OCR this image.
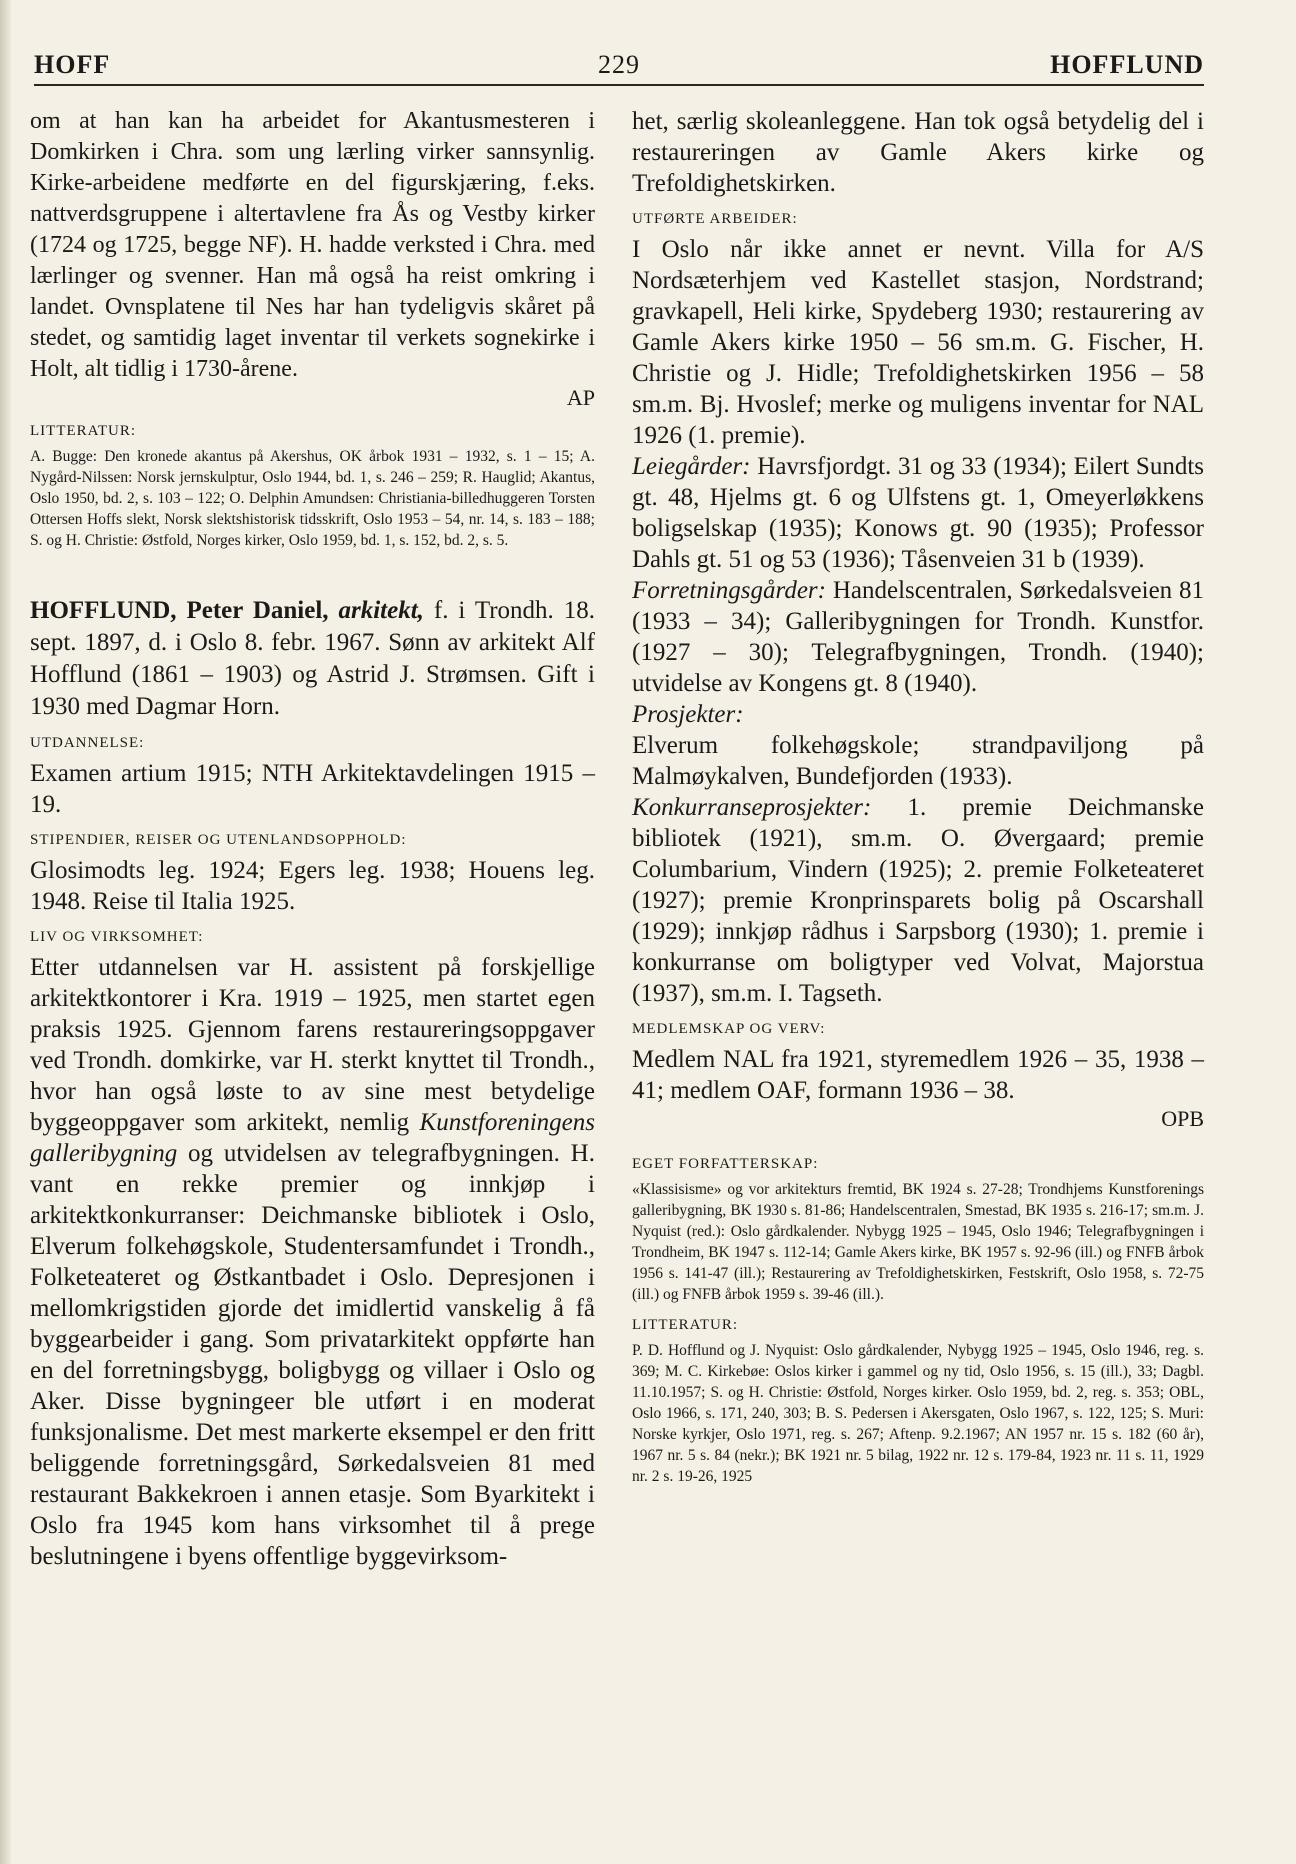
HOFF	229	HOFFLUND

om at han kan ha arbeidet for Akantusmesteren i Domkirken i Chra. som ung lærling virker sannsynlig. Kirke-arbeidene medførte en del figurskjæring, f.eks. nattverdsgruppene i altertavlene fra Ås og Vestby kirker (1724 og 1725, begge NF). H. hadde verksted i Chra. med lærlinger og svenner. Han må også ha reist omkring i landet. Ovnsplatene til Nes har han tydeligvis skåret på stedet, og samtidig laget inventar til verkets sognekirke i Holt, alt tidlig i 1730-årene.

AP

LITTERATUR:

A. Bugge: Den kronede akantus på Akershus, OK årbok 1931 – 1932, s. 1 – 15; A. Nygård-Nilssen: Norsk jernskulptur, Oslo 1944, bd. 1, s. 246 – 259; R. Hauglid; Akantus, Oslo 1950, bd. 2, s. 103 – 122; O. Delphin Amundsen: Christiania-billedhuggeren Torsten Ottersen Hoffs slekt, Norsk slektshistorisk tidsskrift, Oslo 1953 – 54, nr. 14, s. 183 – 188; S. og H. Christie: Østfold, Norges kirker, Oslo 1959, bd. 1, s. 152, bd. 2, s. 5.

HOFFLUND, Peter Daniel, arkitekt, f. i Trondh. 18. sept. 1897, d. i Oslo 8. febr. 1967. Sønn av arkitekt Alf Hofflund (1861 – 1903) og Astrid J. Strømsen. Gift i 1930 med Dagmar Horn.

UTDANNELSE:

Examen artium 1915; NTH Arkitektavdelingen 1915 – 19.

STIPENDIER, REISER OG UTENLANDSOPPHOLD:

Glosimodts leg. 1924; Egers leg. 1938; Houens leg. 1948. Reise til Italia 1925.

LIV OG VIRKSOMHET:

Etter utdannelsen var H. assistent på forskjellige arkitektkontorer i Kra. 1919 – 1925, men startet egen praksis 1925. Gjennom farens restaureringsoppgaver ved Trondh. domkirke, var H. sterkt knyttet til Trondh., hvor han også løste to av sine mest betydelige byggeoppgaver som arkitekt, nemlig Kunstforeningens galleribygning og utvidelsen av telegrafbygningen. H. vant en rekke premier og innkjøp i arkitektkonkurranser: Deichmanske bibliotek i Oslo, Elverum folkehøgskole, Studentersamfundet i Trondh., Folketeateret og Østkantbadet i Oslo. Depresjonen i mellomkrigstiden gjorde det imidlertid vanskelig å få byggearbeider i gang. Som privatarkitekt oppførte han en del forretningsbygg, boligbygg og villaer i Oslo og Aker. Disse bygningeer ble utført i en moderat funksjonalisme. Det mest markerte eksempel er den fritt beliggende forretningsgård, Sørkedalsveien 81 med restaurant Bakkekroen i annen etasje. Som Byarkitekt i Oslo fra 1945 kom hans virksomhet til å prege beslutningene i byens offentlige byggevirksom-

het, særlig skoleanleggene. Han tok også betydelig del i restaureringen av Gamle Akers kirke og Trefoldighetskirken.

UTFØRTE ARBEIDER:

I Oslo når ikke annet er nevnt. Villa for A/S Nordsæterhjem ved Kastellet stasjon, Nordstrand; gravkapell, Heli kirke, Spydeberg 1930; restaurering av Gamle Akers kirke 1950 – 56 sm.m. G. Fischer, H. Christie og J. Hidle; Trefoldighetskirken 1956 – 58 sm.m. Bj. Hvoslef; merke og muligens inventar for NAL 1926 (1. premie).

Leiegårder: Havrsfjordgt. 31 og 33 (1934); Eilert Sundts gt. 48, Hjelms gt. 6 og Ulfstens gt. 1, Omeyerløkkens boligselskap (1935); Konows gt. 90 (1935); Professor Dahls gt. 51 og 53 (1936); Tåsenveien 31 b (1939).

Forretningsgårder: Handelscentralen, Sørkedalsveien 81 (1933 – 34); Galleribygningen for Trondh. Kunstfor. (1927 – 30); Telegrafbygningen, Trondh. (1940); utvidelse av Kongens gt. 8 (1940).

Prosjekter:

Elverum folkehøgskole; strandpaviljong på Malmøykalven, Bundefjorden (1933).

Konkurranseprosjekter: 1. premie Deichmanske bibliotek (1921), sm.m. O. Øvergaard; premie Columbarium, Vindern (1925); 2. premie Folketeateret (1927); premie Kronprinsparets bolig på Oscarshall (1929); innkjøp rådhus i Sarpsborg (1930); 1. premie i konkurranse om boligtyper ved Volvat, Majorstua (1937), sm.m. I. Tagseth.

MEDLEMSKAP OG VERV:

Medlem NAL fra 1921, styremedlem 1926 – 35, 1938 – 41; medlem OAF, formann 1936 – 38.

OPB

EGET FORFATTERSKAP:

«Klassisisme» og vor arkitekturs fremtid, BK 1924 s. 27-28; Trondhjems Kunstforenings galleribygning, BK 1930 s. 81-86; Handelscentralen, Smestad, BK 1935 s. 216-17; sm.m. J. Nyquist (red.): Oslo gårdkalender. Nybygg 1925 – 1945, Oslo 1946; Telegrafbygningen i Trondheim, BK 1947 s. 112-14; Gamle Akers kirke, BK 1957 s. 92-96 (ill.) og FNFB årbok 1956 s. 141-47 (ill.); Restaurering av Trefoldighetskirken, Festskrift, Oslo 1958, s. 72-75 (ill.) og FNFB årbok 1959 s. 39-46 (ill.).

LITTERATUR:

P. D. Hofflund og J. Nyquist: Oslo gårdkalender, Nybygg 1925 – 1945, Oslo 1946, reg. s. 369; M. C. Kirkebøe: Oslos kirker i gammel og ny tid, Oslo 1956, s. 15 (ill.), 33; Dagbl. 11.10.1957; S. og H. Christie: Østfold, Norges kirker. Oslo 1959, bd. 2, reg. s. 353; OBL, Oslo 1966, s. 171, 240, 303; B. S. Pedersen i Akersgaten, Oslo 1967, s. 122, 125; S. Muri: Norske kyrkjer, Oslo 1971, reg. s. 267; Aftenp. 9.2.1967; AN 1957 nr. 15 s. 182 (60 år), 1967 nr. 5 s. 84 (nekr.); BK 1921 nr. 5 bilag, 1922 nr. 12 s. 179-84, 1923 nr. 11 s. 11, 1929 nr. 2 s. 19-26, 1925
